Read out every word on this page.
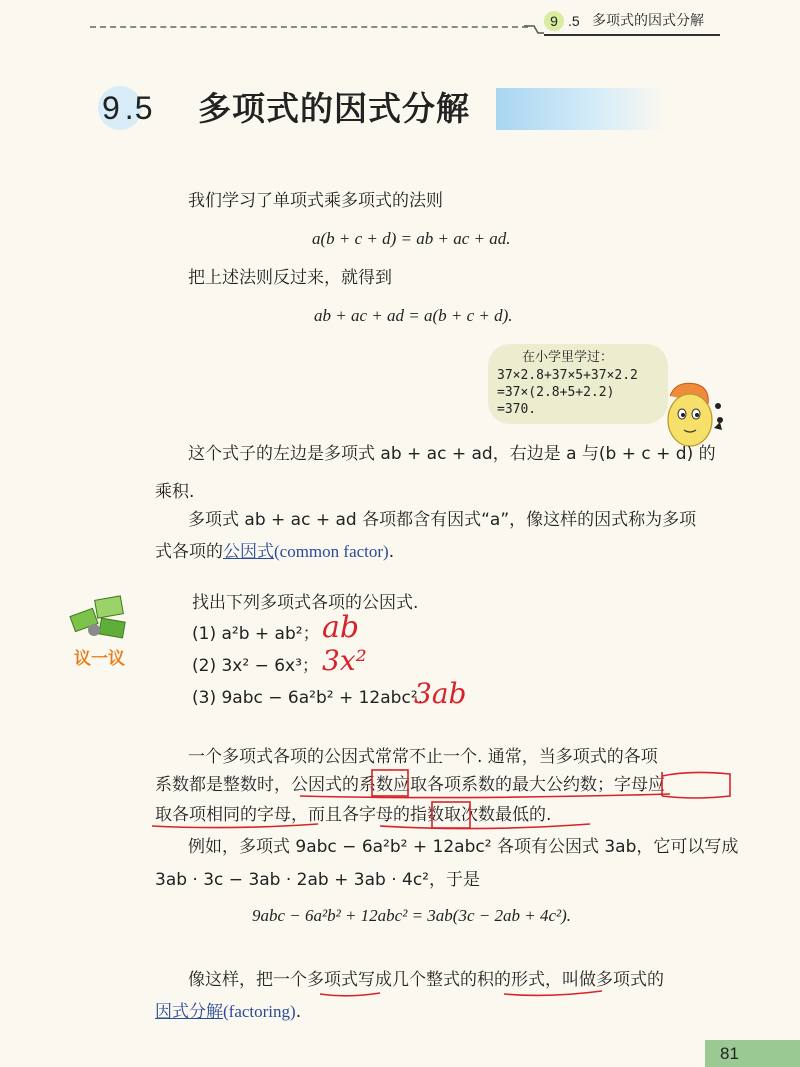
9 .5 多项式的因式分解
9 .5 多项式的因式分解
我们学习了单项式乘多项式的法则
a(b + c + d) = ab + ac + ad.
把上述法则反过来，就得到
ab + ac + ad = a(b + c + d).
在小学里学过：
37×2.8+37×5+37×2.2
=37×(2.8+5+2.2)
=370.
这个式子的左边是多项式 ab + ac + ad，右边是 a 与(b + c + d) 的
乘积.
多项式 ab + ac + ad 各项都含有因式“a”，像这样的因式称为多项
式各项的公因式(common factor).
议一议
找出下列多项式各项的公因式.
(1) a²b + ab²；
(2) 3x² − 6x³；
(3) 9abc − 6a²b² + 12abc².
ab
3x²
3ab
一个多项式各项的公因式常常不止一个. 通常，当多项式的各项
系数都是整数时，公因式的系数应取各项系数的最大公约数；字母应
取各项相同的字母，而且各字母的指数取次数最低的.
例如，多项式 9abc − 6a²b² + 12abc² 各项有公因式 3ab，它可以写成
3ab · 3c − 3ab · 2ab + 3ab · 4c²，于是
9abc − 6a²b² + 12abc² = 3ab(3c − 2ab + 4c²).
像这样，把一个多项式写成几个整式的积的形式，叫做多项式的
因式分解(factoring).
81
